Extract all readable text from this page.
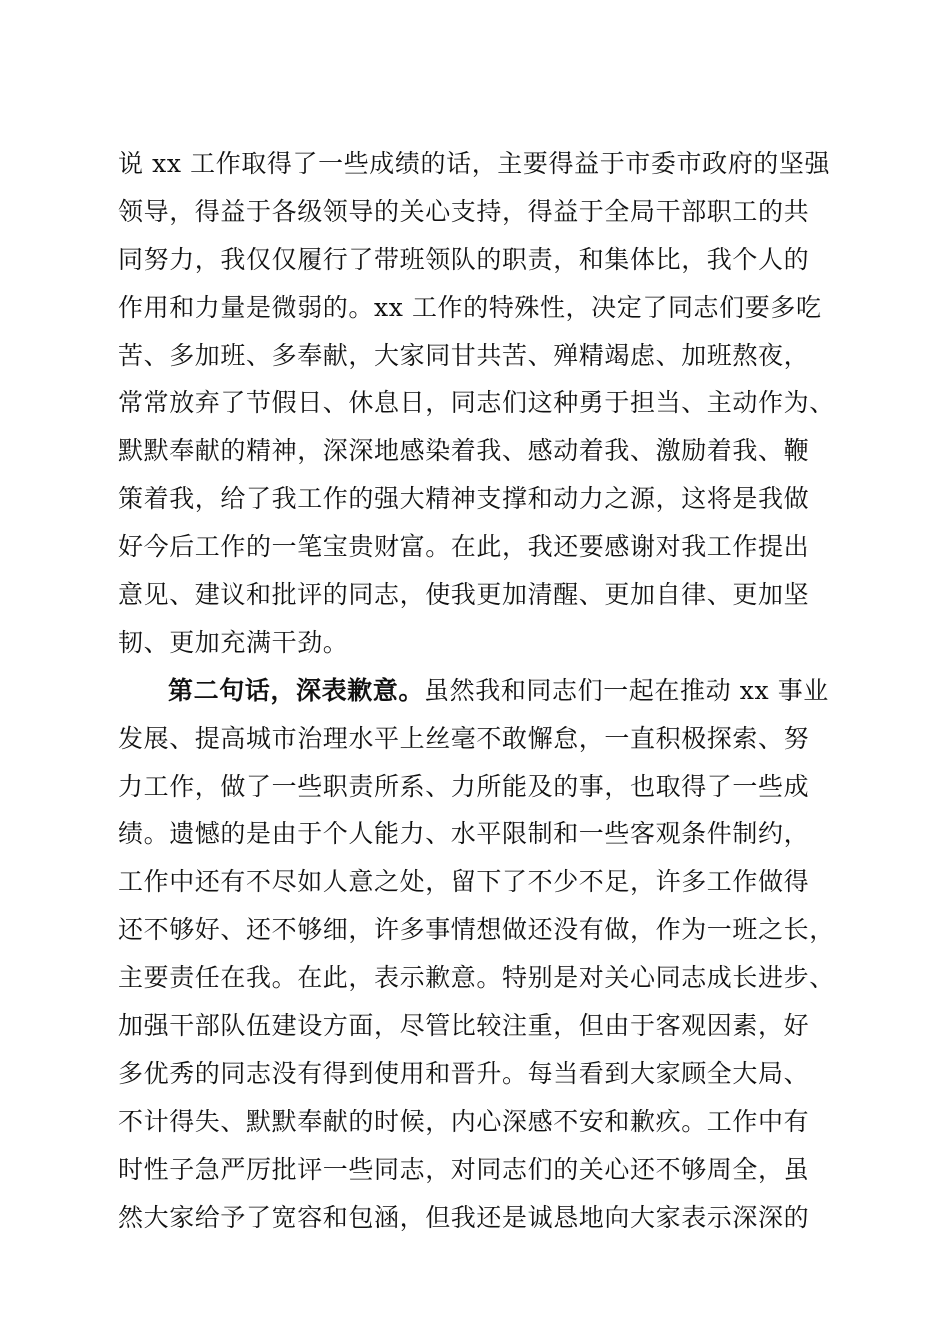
说 xx 工作取得了一些成绩的话，主要得益于市委市政府的坚强
领导，得益于各级领导的关心支持，得益于全局干部职工的共
同努力，我仅仅履行了带班领队的职责，和集体比，我个人的
作用和力量是微弱的。xx 工作的特殊性，决定了同志们要多吃
苦、多加班、多奉献，大家同甘共苦、殚精竭虑、加班熬夜，
常常放弃了节假日、休息日，同志们这种勇于担当、主动作为、
默默奉献的精神，深深地感染着我、感动着我、激励着我、鞭
策着我，给了我工作的强大精神支撑和动力之源，这将是我做
好今后工作的一笔宝贵财富。在此，我还要感谢对我工作提出
意见、建议和批评的同志，使我更加清醒、更加自律、更加坚
韧、更加充满干劲。
第二句话，深表歉意。虽然我和同志们一起在推动 xx 事业
发展、提高城市治理水平上丝毫不敢懈怠，一直积极探索、努
力工作，做了一些职责所系、力所能及的事，也取得了一些成
绩。遗憾的是由于个人能力、水平限制和一些客观条件制约，
工作中还有不尽如人意之处，留下了不少不足，许多工作做得
还不够好、还不够细，许多事情想做还没有做，作为一班之长，
主要责任在我。在此，表示歉意。特别是对关心同志成长进步、
加强干部队伍建设方面，尽管比较注重，但由于客观因素，好
多优秀的同志没有得到使用和晋升。每当看到大家顾全大局、
不计得失、默默奉献的时候，内心深感不安和歉疚。工作中有
时性子急严厉批评一些同志，对同志们的关心还不够周全，虽
然大家给予了宽容和包涵，但我还是诚恳地向大家表示深深的
